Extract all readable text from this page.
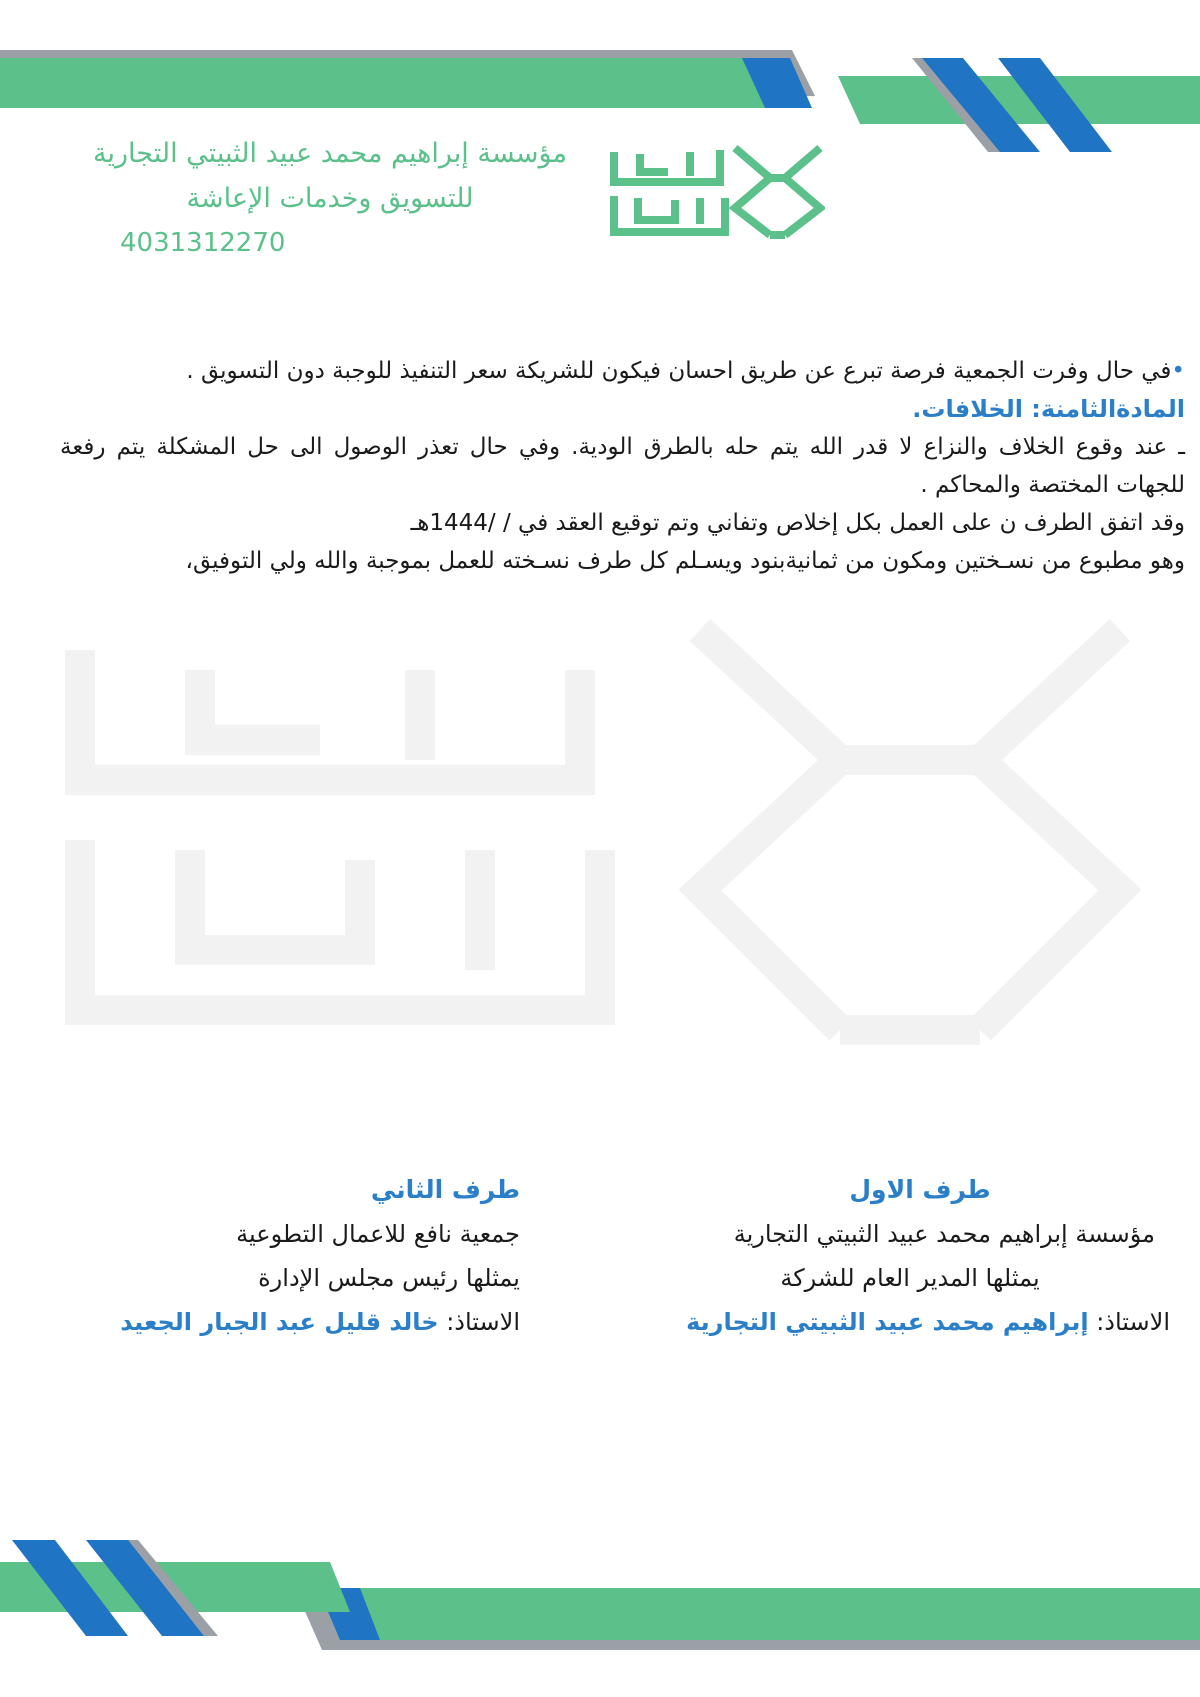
مؤسسة إبراهيم محمد عبيد الثبيتي التجارية
للتسويق وخدمات الإعاشة
4031312270

•في حال وفرت الجمعية فرصة تبرع عن طريق احسان فيكون للشريكة سعر التنفيذ للوجبة دون التسويق .

المادةالثامنة: الخلافات.

ـ عند وقوع الخلاف والنزاع لا قدر الله يتم حله بالطرق الودية. وفي حال تعذر الوصول الى حل المشكلة يتم رفعة للجهات المختصة والمحاكم .

وقد اتفق الطرف ن على العمل بكل إخلاص وتفاني وتم توقيع العقد في / /1444هـ

وهو مطبوع من نسـختين ومكون من ثمانيةبنود ويسـلم كل طرف نسـخته للعمل بموجبة والله ولي التوفيق،

طرف الاول
مؤسسة إبراهيم محمد عبيد الثبيتي التجارية
يمثلها المدير العام للشركة
الاستاذ: إبراهيم محمد عبيد الثبيتي التجارية
طرف الثاني
جمعية نافع للاعمال التطوعية
يمثلها رئيس مجلس الإدارة
الاستاذ: خالد قليل عبد الجبار الجعيد
